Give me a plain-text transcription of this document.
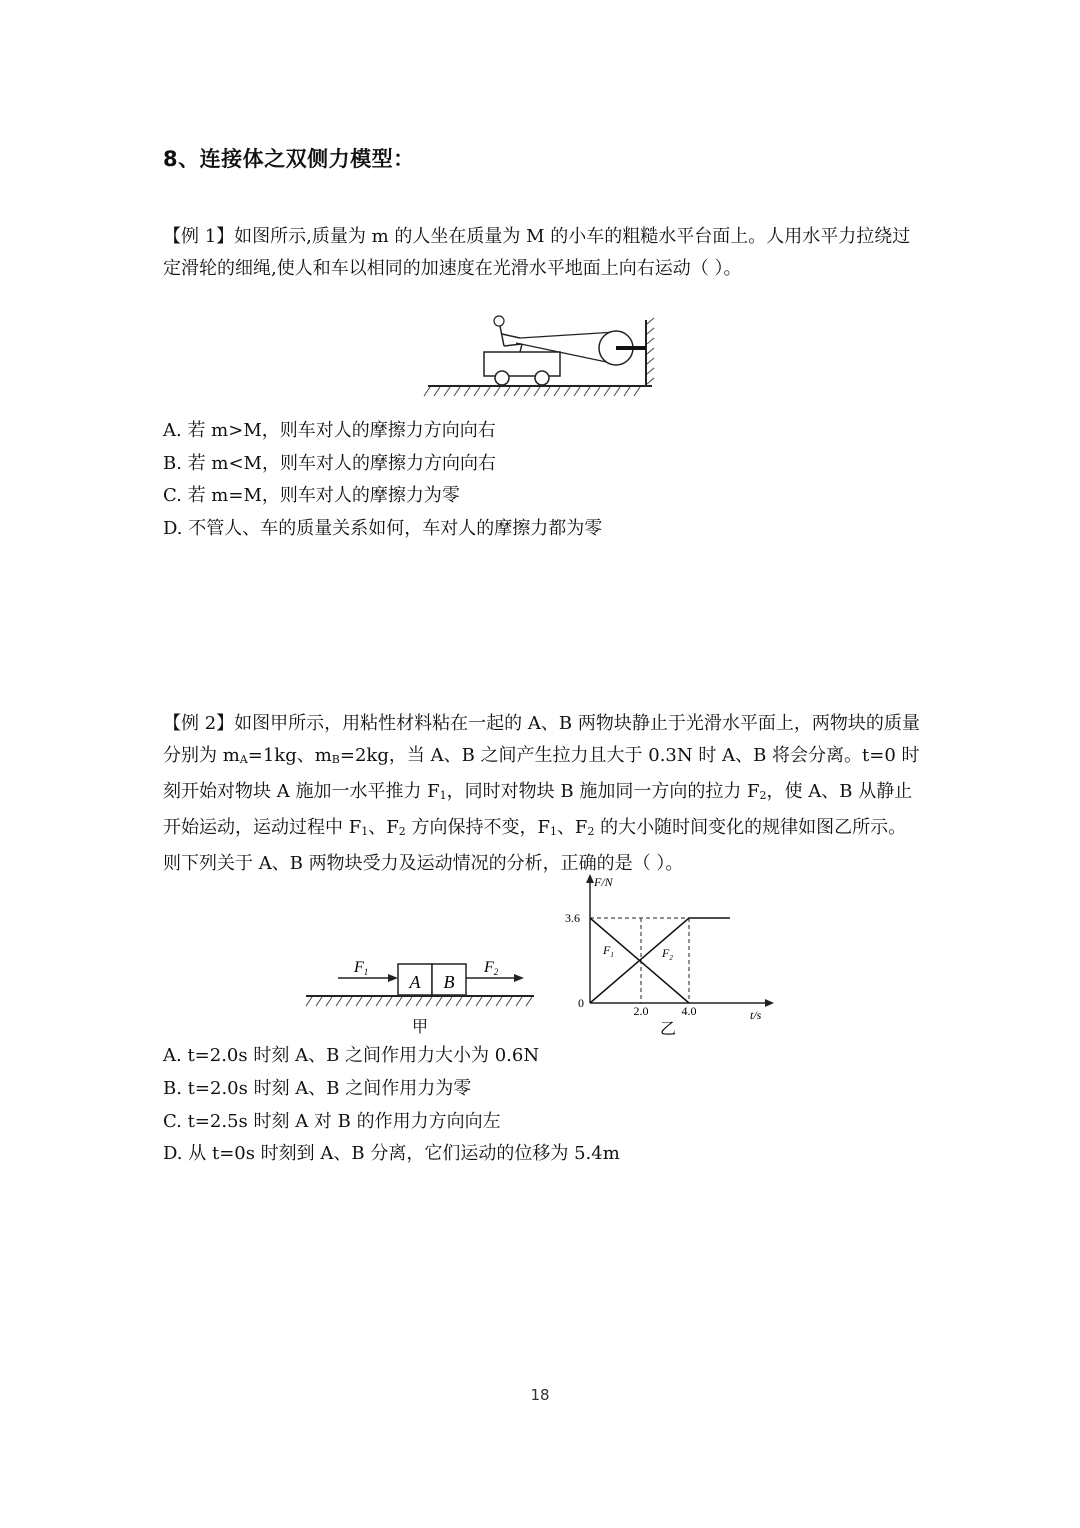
8、连接体之双侧力模型：

【例 1】如图所示,质量为 m 的人坐在质量为 M 的小车的粗糙水平台面上。人用水平力拉绕过定滑轮的细绳,使人和车以相同的加速度在光滑水平地面上向右运动（ ）。

A. 若 m>M，则车对人的摩擦力方向向右
B. 若 m<M，则车对人的摩擦力方向向右
C. 若 m=M，则车对人的摩擦力为零
D. 不管人、车的质量关系如何，车对人的摩擦力都为零

【例 2】如图甲所示，用粘性材料粘在一起的 A、B 两物块静止于光滑水平面上，两物块的质量分别为 $m_A=1kg$、$m_B=2kg$，当 A、B 之间产生拉力且大于 0.3N 时 A、B 将会分离。t=0 时刻开始对物块 A 施加一水平推力 $F_1$，同时对物块 B 施加同一方向的拉力 $F_2$，使 A、B 从静止开始运动，运动过程中 $F_1$、$F_2$ 方向保持不变，$F_1$、$F_2$ 的大小随时间变化的规律如图乙所示。则下列关于 A、B 两物块受力及运动情况的分析，正确的是（ ）。

A B
F1	F2
甲
F/N
t/s
3.6
0
2.0	4.0
$F_1$	$F_2$
乙
A. t=2.0s 时刻 A、B 之间作用力大小为 0.6N
B. t=2.0s 时刻 A、B 之间作用力为零
C. t=2.5s 时刻 A 对 B 的作用力方向向左
D. 从 t=0s 时刻到 A、B 分离，它们运动的位移为 5.4m
18
